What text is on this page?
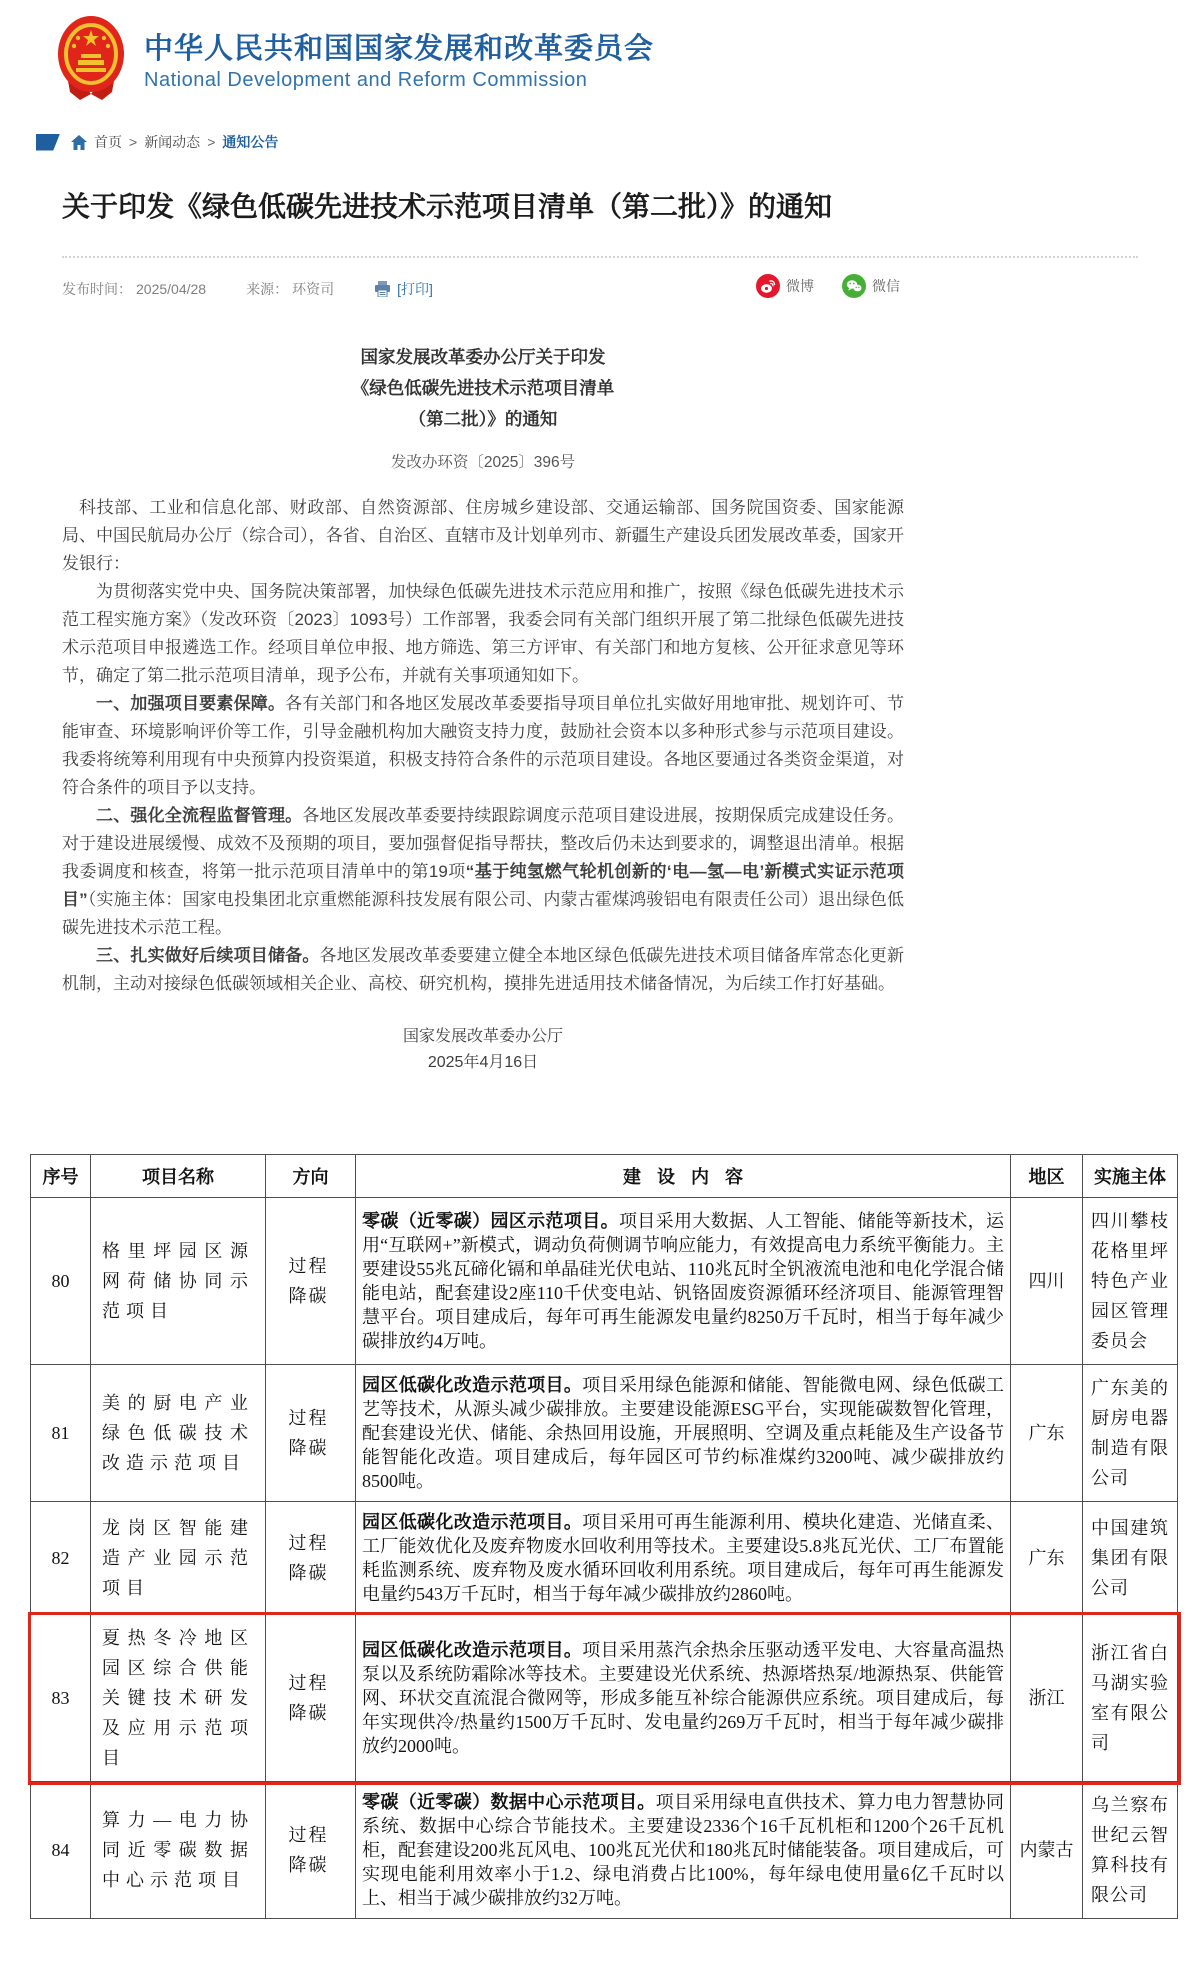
中华人民共和国国家发展和改革委员会
National Development and Reform Commission
首页 > 新闻动态 > 通知公告
关于印发《绿色低碳先进技术示范项目清单（第二批）》的通知
发布时间： 2025/04/28	来源： 环资司	[打印]	微博	微信
国家发展改革委办公厅关于印发
《绿色低碳先进技术示范项目清单
（第二批）》的通知
发改办环资〔2025〕396号

科技部、工业和信息化部、财政部、自然资源部、住房城乡建设部、交通运输部、国务院国资委、国家能源局、中国民航局办公厅（综合司），各省、自治区、直辖市及计划单列市、新疆生产建设兵团发展改革委，国家开发银行：

为贯彻落实党中央、国务院决策部署，加快绿色低碳先进技术示范应用和推广，按照《绿色低碳先进技术示范工程实施方案》（发改环资〔2023〕1093号）工作部署，我委会同有关部门组织开展了第二批绿色低碳先进技术示范项目申报遴选工作。经项目单位申报、地方筛选、第三方评审、有关部门和地方复核、公开征求意见等环节，确定了第二批示范项目清单，现予公布，并就有关事项通知如下。

一、加强项目要素保障。各有关部门和各地区发展改革委要指导项目单位扎实做好用地审批、规划许可、节能审查、环境影响评价等工作，引导金融机构加大融资支持力度，鼓励社会资本以多种形式参与示范项目建设。我委将统筹利用现有中央预算内投资渠道，积极支持符合条件的示范项目建设。各地区要通过各类资金渠道，对符合条件的项目予以支持。

二、强化全流程监督管理。各地区发展改革委要持续跟踪调度示范项目建设进展，按期保质完成建设任务。对于建设进展缓慢、成效不及预期的项目，要加强督促指导帮扶，整改后仍未达到要求的，调整退出清单。根据我委调度和核查，将第一批示范项目清单中的第19项“基于纯氢燃气轮机创新的‘电—氢—电’新模式实证示范项目”（实施主体：国家电投集团北京重燃能源科技发展有限公司、内蒙古霍煤鸿骏铝电有限责任公司）退出绿色低碳先进技术示范工程。

三、扎实做好后续项目储备。各地区发展改革委要建立健全本地区绿色低碳先进技术项目储备库常态化更新机制，主动对接绿色低碳领域相关企业、高校、研究机构，摸排先进适用技术储备情况，为后续工作打好基础。

国家发展改革委办公厅
2025年4月16日
序号	项目名称	方向	建设内容	地区	实施主体
80	格里坪园区源网荷储协同示范项目	过程降碳	零碳（近零碳）园区示范项目。项目采用大数据、人工智能、储能等新技术，运用“互联网+”新模式，调动负荷侧调节响应能力，有效提高电力系统平衡能力。主要建设55兆瓦碲化镉和单晶硅光伏电站、110兆瓦时全钒液流电池和电化学混合储能电站，配套建设2座110千伏变电站、钒铬固废资源循环经济项目、能源管理智慧平台。项目建成后，每年可再生能源发电量约8250万千瓦时，相当于每年减少碳排放约4万吨。	四川	四川攀枝花格里坪特色产业园区管理委员会

81	美的厨电产业绿色低碳技术改造示范项目	过程降碳	园区低碳化改造示范项目。项目采用绿色能源和储能、智能微电网、绿色低碳工艺等技术，从源头减少碳排放。主要建设能源ESG平台，实现能碳数智化管理，配套建设光伏、储能、余热回用设施，开展照明、空调及重点耗能及生产设备节能智能化改造。项目建成后，每年园区可节约标准煤约3200吨、减少碳排放约8500吨。	广东	广东美的厨房电器制造有限公司

82	龙岗区智能建造产业园示范项目	过程降碳	园区低碳化改造示范项目。项目采用可再生能源利用、模块化建造、光储直柔、工厂能效优化及废弃物废水回收利用等技术。主要建设5.8兆瓦光伏、工厂布置能耗监测系统、废弃物及废水循环回收利用系统。项目建成后，每年可再生能源发电量约543万千瓦时，相当于每年减少碳排放约2860吨。	广东	中国建筑集团有限公司

83	夏热冬冷地区园区综合供能关键技术研发及应用示范项目	过程降碳	园区低碳化改造示范项目。项目采用蒸汽余热余压驱动透平发电、大容量高温热泵以及系统防霜除冰等技术。主要建设光伏系统、热源塔热泵/地源热泵、供能管网、环状交直流混合微网等，形成多能互补综合能源供应系统。项目建成后，每年实现供冷/热量约1500万千瓦时、发电量约269万千瓦时，相当于每年减少碳排放约2000吨。	浙江	浙江省白马湖实验室有限公司

84	算力—电力协同近零碳数据中心示范项目	过程降碳	零碳（近零碳）数据中心示范项目。项目采用绿电直供技术、算力电力智慧协同系统、数据中心综合节能技术。主要建设2336个16千瓦机柜和1200个26千瓦机柜，配套建设200兆瓦风电、100兆瓦光伏和180兆瓦时储能装备。项目建成后，可实现电能利用效率小于1.2、绿电消费占比100%，每年绿电使用量6亿千瓦时以上、相当于减少碳排放约32万吨。	内蒙古	乌兰察布世纪云智算科技有限公司
